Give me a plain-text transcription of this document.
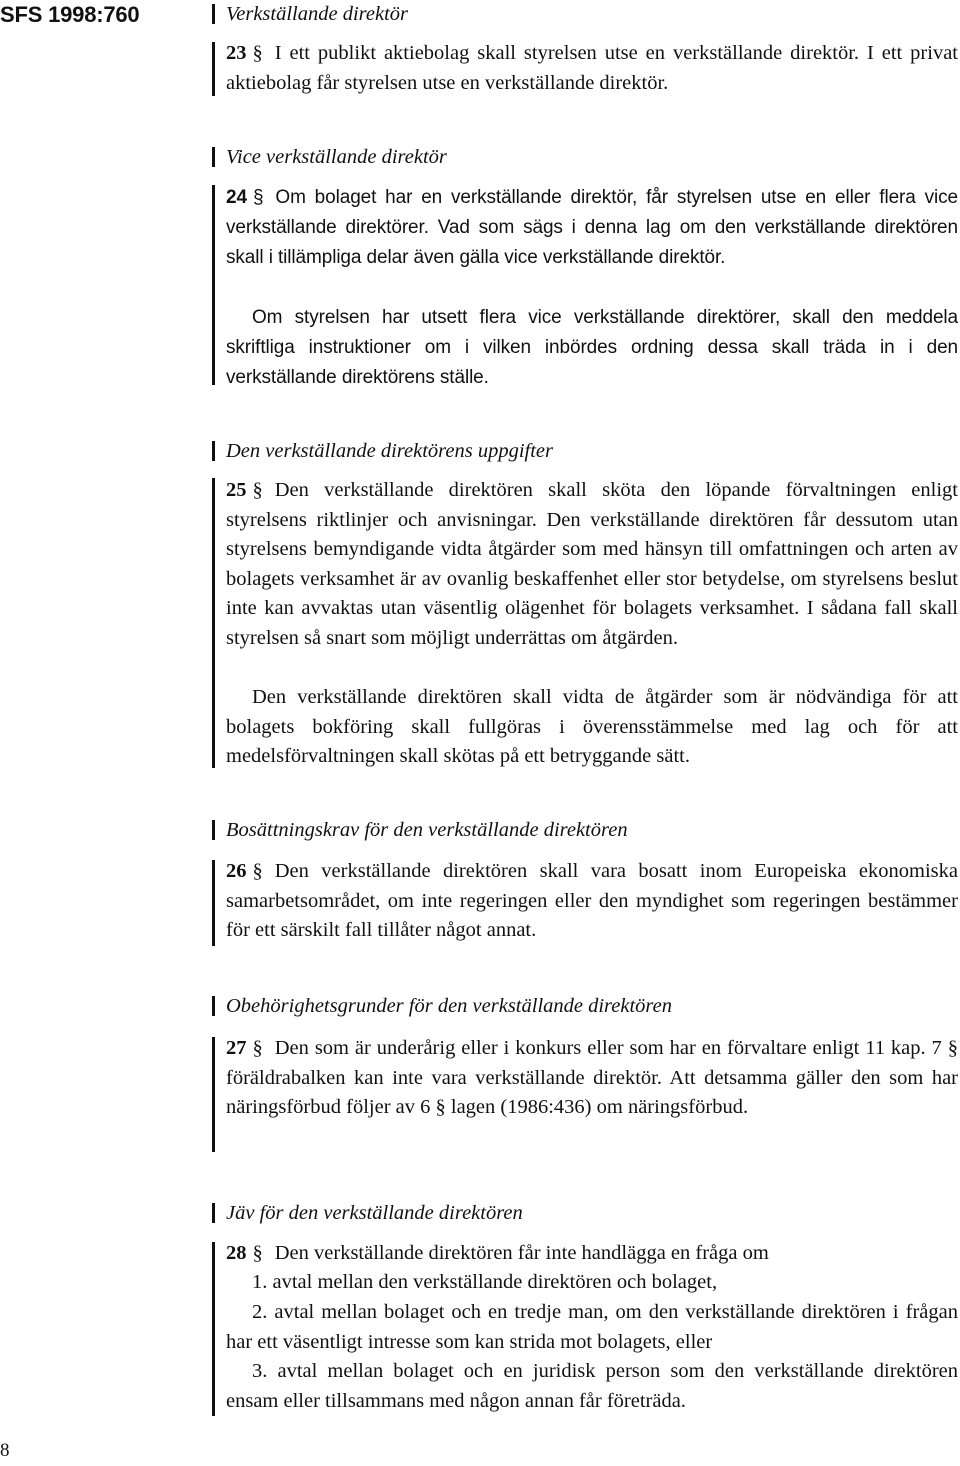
SFS 1998:760	Verkställande direktör
23 § I ett publikt aktiebolag skall styrelsen utse en verkställande direktör. I ett privat aktiebolag får styrelsen utse en verkställande direktör.
Vice verkställande direktör
24 § Om bolaget har en verkställande direktör, får styrelsen utse en eller flera vice verkställande direktörer. Vad som sägs i denna lag om den verkställande direktören skall i tillämpliga delar även gälla vice verkställande direktör.
Om styrelsen har utsett flera vice verkställande direktörer, skall den meddela skriftliga instruktioner om i vilken inbördes ordning dessa skall träda in i den verkställande direktörens ställe.
Den verkställande direktörens uppgifter
25 § Den verkställande direktören skall sköta den löpande förvaltningen enligt styrelsens riktlinjer och anvisningar. Den verkställande direktören får dessutom utan styrelsens bemyndigande vidta åtgärder som med hänsyn till omfattningen och arten av bolagets verksamhet är av ovanlig beskaffenhet eller stor betydelse, om styrelsens beslut inte kan avvaktas utan väsentlig olägenhet för bolagets verksamhet. I sådana fall skall styrelsen så snart som möjligt underrättas om åtgärden.
Den verkställande direktören skall vidta de åtgärder som är nödvändiga för att bolagets bokföring skall fullgöras i överensstämmelse med lag och för att medelsförvaltningen skall skötas på ett betryggande sätt.
Bosättningskrav för den verkställande direktören
26 § Den verkställande direktören skall vara bosatt inom Europeiska ekonomiska samarbetsområdet, om inte regeringen eller den myndighet som regeringen bestämmer för ett särskilt fall tillåter något annat.
Obehörighetsgrunder för den verkställande direktören
27 § Den som är underårig eller i konkurs eller som har en förvaltare enligt 11 kap. 7 § föräldrabalken kan inte vara verkställande direktör. Att detsamma gäller den som har näringsförbud följer av 6 § lagen (1986:436) om näringsförbud.
Jäv för den verkställande direktören
28 § Den verkställande direktören får inte handlägga en fråga om
1. avtal mellan den verkställande direktören och bolaget,
2. avtal mellan bolaget och en tredje man, om den verkställande direktören i frågan har ett väsentligt intresse som kan strida mot bolagets, eller
3. avtal mellan bolaget och en juridisk person som den verkställande direktören ensam eller tillsammans med någon annan får företräda.
8
